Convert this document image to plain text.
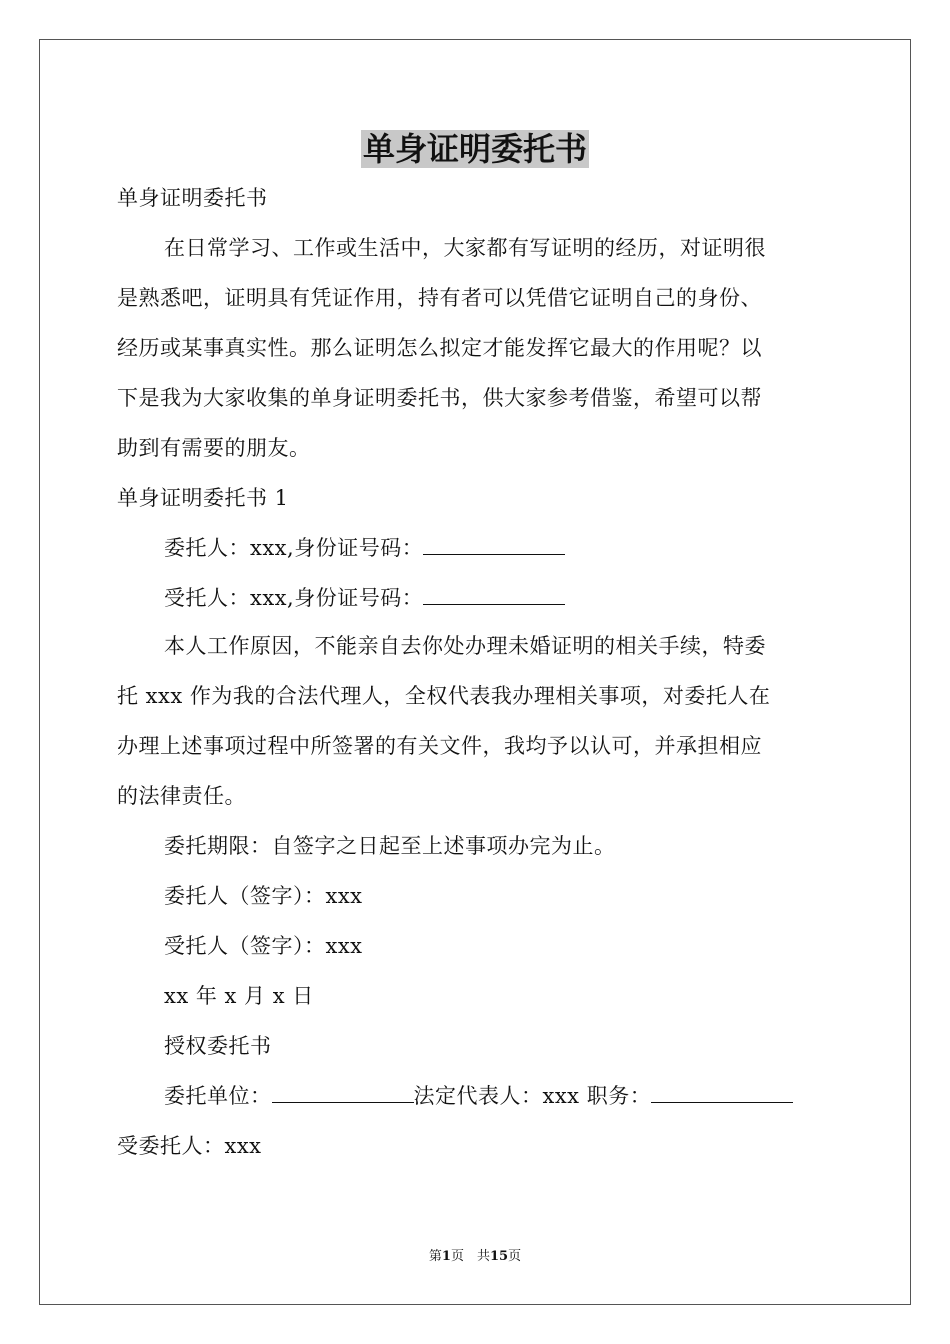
单身证明委托书
单身证明委托书
在日常学习、工作或生活中，大家都有写证明的经历，对证明很
是熟悉吧，证明具有凭证作用，持有者可以凭借它证明自己的身份、
经历或某事真实性。那么证明怎么拟定才能发挥它最大的作用呢？以
下是我为大家收集的单身证明委托书，供大家参考借鉴，希望可以帮
助到有需要的朋友。
单身证明委托书 1
委托人：xxx,身份证号码：
受托人：xxx,身份证号码：
本人工作原因，不能亲自去你处办理未婚证明的相关手续，特委
托 xxx 作为我的合法代理人，全权代表我办理相关事项，对委托人在
办理上述事项过程中所签署的有关文件，我均予以认可，并承担相应
的法律责任。
委托期限：自签字之日起至上述事项办完为止。
委托人（签字）：xxx
受托人（签字）：xxx
xx 年 x 月 x 日
授权委托书
委托单位：	法定代表人：xxx 职务：
受委托人：xxx
第1页　共15页
